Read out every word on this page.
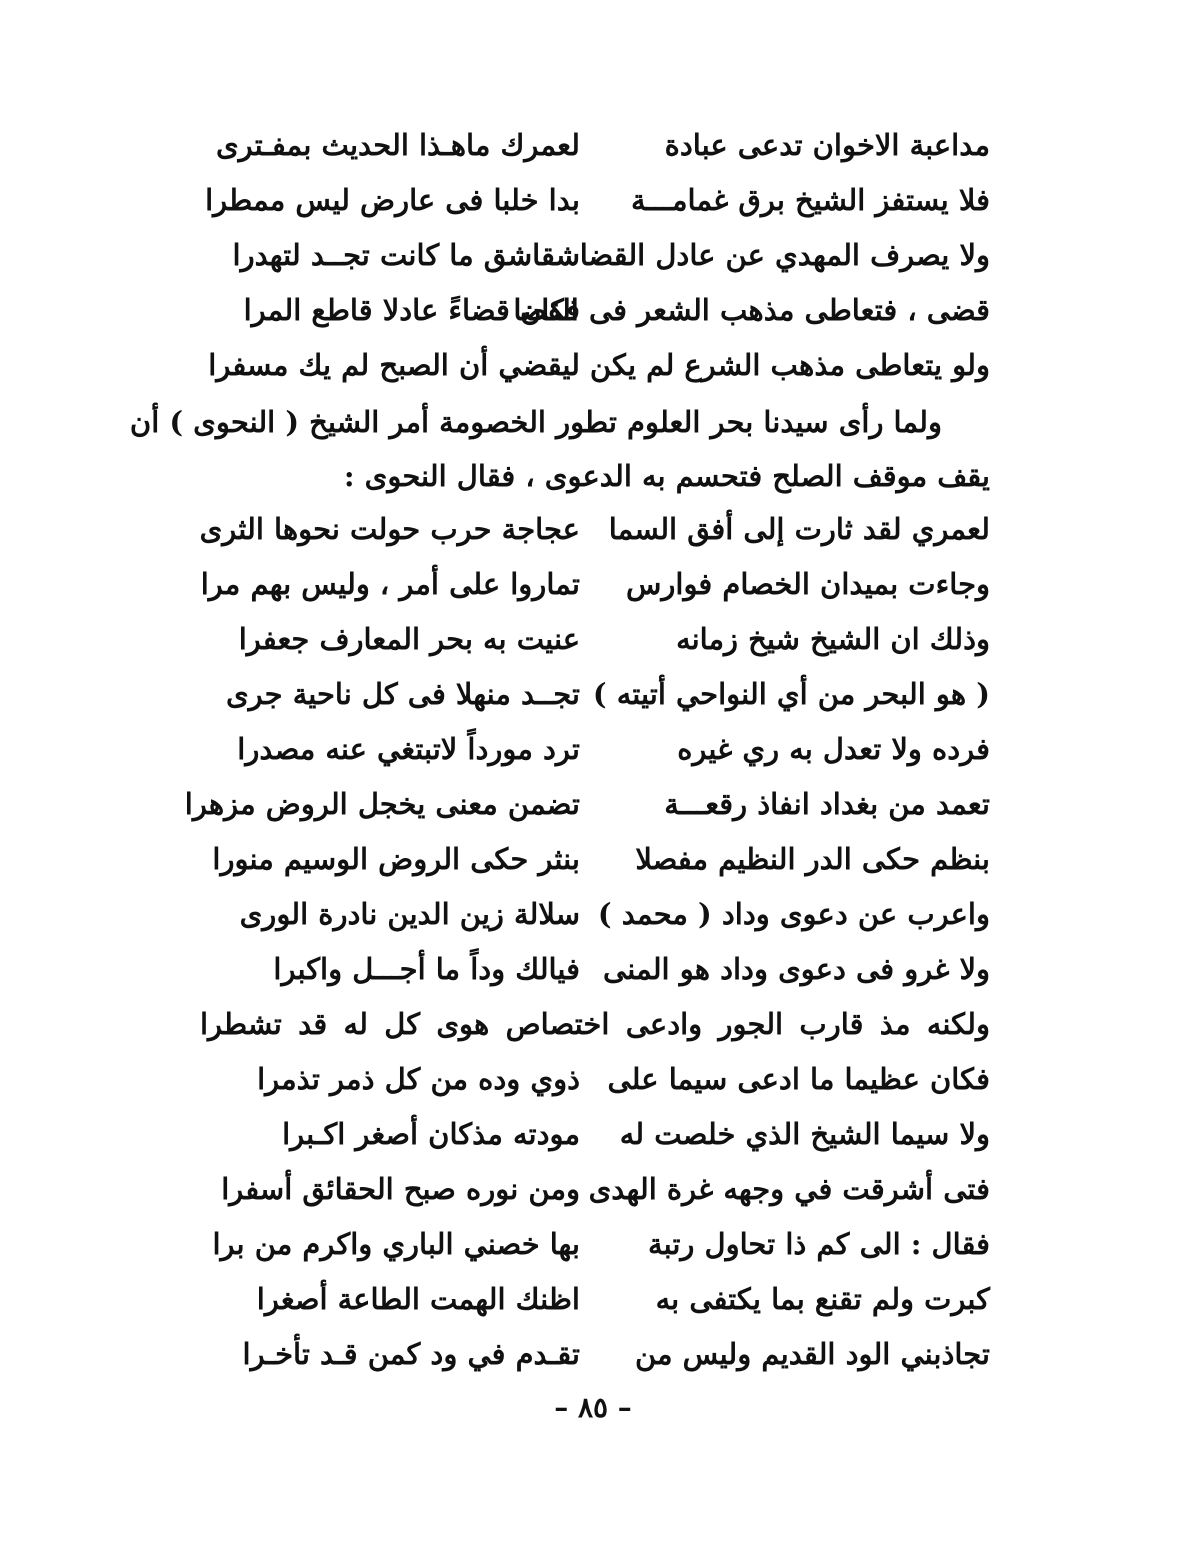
مداعبة الاخوان تدعى عبادة
لعمرك ماهـذا الحديث بمفـترى
فلا يستفز الشيخ برق غمامـــة
بدا خلبا فى عارض ليس ممطرا
ولا يصرف المهدي عن عادل القضا
شقاشق ما كانت تجــد لتهدرا
قضى ، فتعاطى مذهب الشعر فى القضا
فكان قضاءً عادلا قاطع المرا
ولو يتعاطى مذهب الشرع لم يكن
ليقضي أن الصبح لم يك مسفرا
ولما رأى سيدنا بحر العلوم تطور الخصومة أمر الشيخ ( النحوى ) أن
يقف موقف الصلح فتحسم به الدعوى ، فقال النحوى :
لعمري لقد ثارت إلى أفق السما
عجاجة حرب حولت نحوها الثرى
وجاءت بميدان الخصام فوارس
تماروا على أمر ، وليس بهم مرا
وذلك ان الشيخ شيخ زمانه
عنيت به بحر المعارف جعفرا
( هو البحر من أي النواحي أتيته )
تجــد منهلا فى كل ناحية جرى
فرده ولا تعدل به ري غيره
ترد مورداً لاتبتغي عنه مصدرا
تعمد من بغداد انفاذ رقعـــة
تضمن معنى يخجل الروض مزهرا
بنظم حكى الدر النظيم مفصلا
بنثر حكى الروض الوسيم منورا
واعرب عن دعوى وداد ( محمد )
سلالة زين الدين نادرة الورى
ولا غرو فى دعوى وداد هو المنى
فيالك وداً ما أجـــل واكبرا
ولكنه مذ قارب الجور وادعى اختصاص هوى كل له قد تشطرا
فكان عظيما ما ادعى سيما على
ذوي وده من كل ذمر تذمرا
ولا سيما الشيخ الذي خلصت له
مودته مذكان أصغر اكـبرا
فتى أشرقت في وجهه غرة الهدى
ومن نوره صبح الحقائق أسفرا
فقال : الى كم ذا تحاول رتبة
بها خصني الباري واكرم من برا
كبرت ولم تقنع بما يكتفى به
اظنك الهمت الطاعة أصغرا
تجاذبني الود القديم وليس من
تقـدم في ود كمن قـد تأخـرا
– ٨٥ –
